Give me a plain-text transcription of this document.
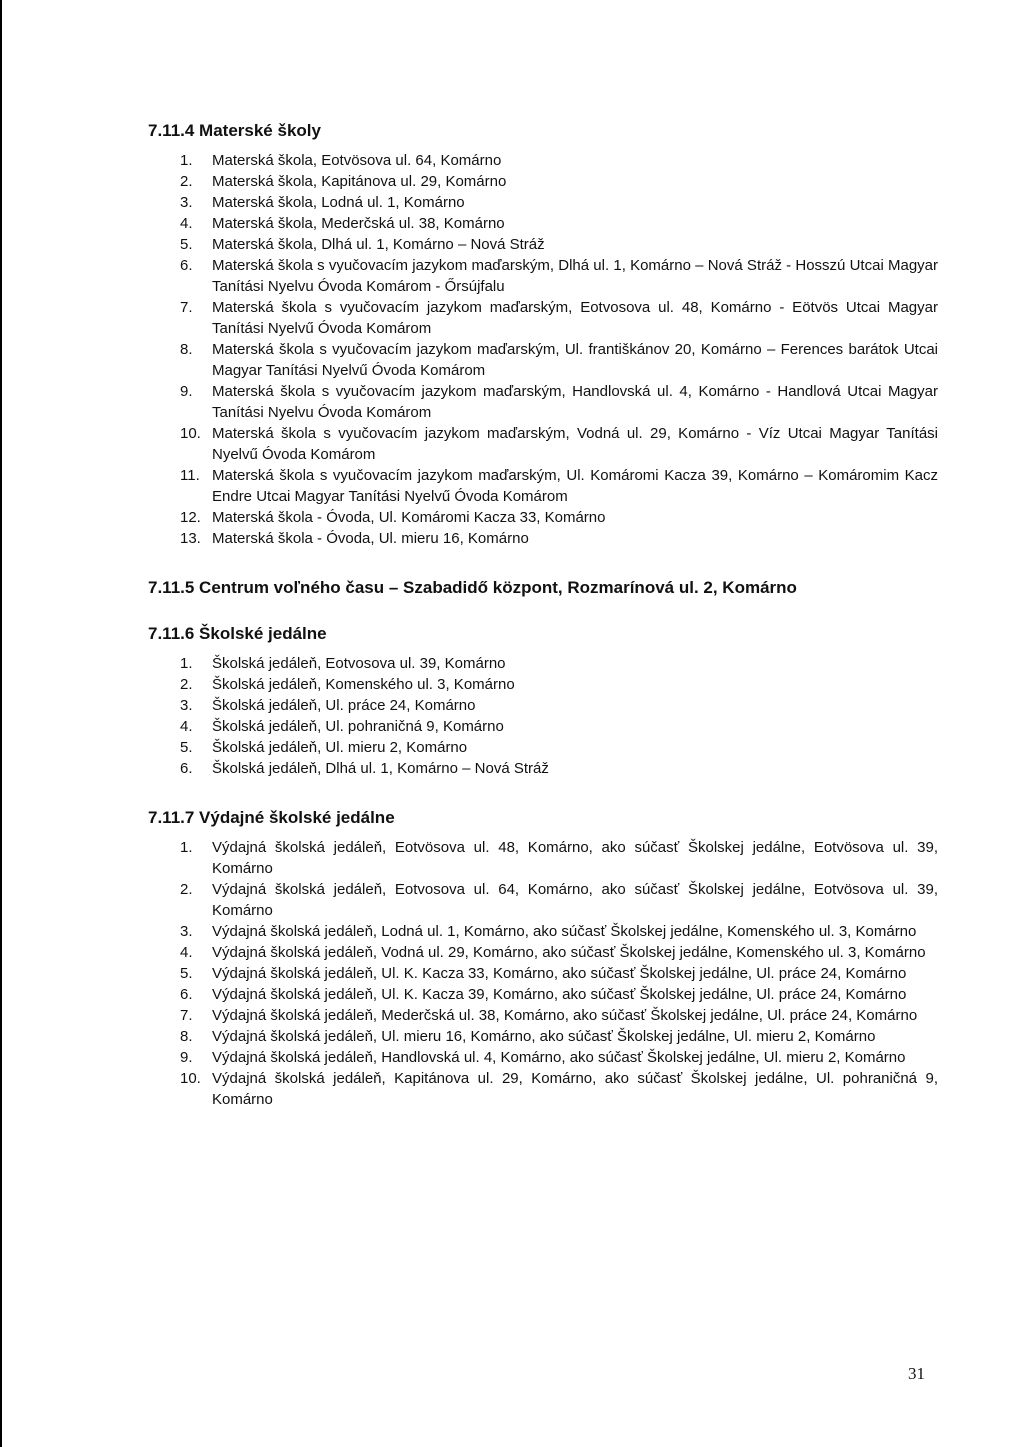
7.11.4 Materské školy
1. Materská škola, Eotvösova ul. 64, Komárno
2. Materská škola, Kapitánova ul. 29, Komárno
3. Materská škola, Lodná ul. 1, Komárno
4. Materská škola, Mederčská ul. 38, Komárno
5. Materská škola, Dlhá ul. 1, Komárno – Nová Stráž
6. Materská škola s vyučovacím jazykom maďarským, Dlhá ul. 1, Komárno – Nová Stráž - Hosszú Utcai Magyar Tanítási Nyelvu Óvoda Komárom - Őrsújfalu
7. Materská škola s vyučovacím jazykom maďarským, Eotvosova ul. 48, Komárno - Eötvös Utcai Magyar Tanítási Nyelvű Óvoda Komárom
8. Materská škola s vyučovacím jazykom maďarským, Ul. františkánov 20, Komárno – Ferences barátok Utcai Magyar Tanítási Nyelvű Óvoda Komárom
9. Materská škola s vyučovacím jazykom maďarským, Handlovská ul. 4, Komárno - Handlová Utcai Magyar Tanítási Nyelvu Óvoda Komárom
10. Materská škola s vyučovacím jazykom maďarským, Vodná ul. 29, Komárno - Víz Utcai Magyar Tanítási Nyelvű Óvoda Komárom
11. Materská škola s vyučovacím jazykom maďarským, Ul. Komáromi Kacza 39, Komárno – Komáromim Kacz Endre Utcai Magyar Tanítási Nyelvű Óvoda Komárom
12. Materská škola - Óvoda, Ul. Komáromi Kacza 33, Komárno
13. Materská škola - Óvoda, Ul. mieru 16, Komárno
7.11.5 Centrum voľného času – Szabadidő központ, Rozmarínová ul. 2, Komárno
7.11.6 Školské jedálne
1. Školská jedáleň, Eotvosova ul. 39, Komárno
2. Školská jedáleň, Komenského ul. 3, Komárno
3. Školská jedáleň, Ul. práce 24, Komárno
4. Školská jedáleň, Ul. pohraničná 9, Komárno
5. Školská jedáleň, Ul. mieru 2, Komárno
6. Školská jedáleň, Dlhá ul. 1, Komárno – Nová Stráž
7.11.7 Výdajné školské jedálne
1. Výdajná školská jedáleň, Eotvösova ul. 48, Komárno, ako súčasť Školskej jedálne, Eotvösova ul. 39, Komárno
2. Výdajná školská jedáleň, Eotvosova ul. 64, Komárno, ako súčasť Školskej jedálne, Eotvösova ul. 39, Komárno
3. Výdajná školská jedáleň, Lodná ul. 1, Komárno, ako súčasť Školskej jedálne, Komenského ul. 3, Komárno
4. Výdajná školská jedáleň, Vodná ul. 29, Komárno, ako súčasť Školskej jedálne, Komenského ul. 3, Komárno
5. Výdajná školská jedáleň, Ul. K. Kacza 33, Komárno, ako súčasť Školskej jedálne, Ul. práce 24, Komárno
6. Výdajná školská jedáleň, Ul. K. Kacza 39, Komárno, ako súčasť Školskej jedálne, Ul. práce 24, Komárno
7. Výdajná školská jedáleň, Mederčská ul. 38, Komárno, ako súčasť Školskej jedálne, Ul. práce 24, Komárno
8. Výdajná školská jedáleň, Ul. mieru 16, Komárno, ako súčasť Školskej jedálne, Ul. mieru 2, Komárno
9. Výdajná školská jedáleň, Handlovská ul. 4, Komárno, ako súčasť Školskej jedálne, Ul. mieru 2, Komárno
10. Výdajná školská jedáleň, Kapitánova ul. 29, Komárno, ako súčasť Školskej jedálne, Ul. pohraničná 9, Komárno
31
